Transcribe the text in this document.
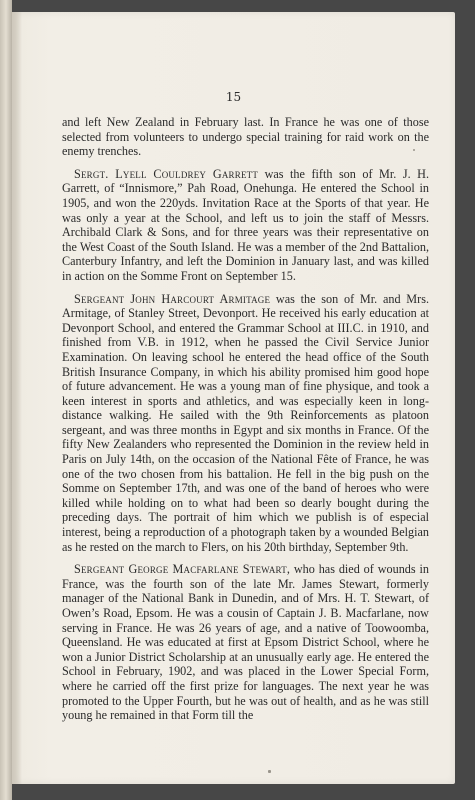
15

and left New Zealand in February last. In France he was one of those selected from volunteers to undergo special training for raid work on the enemy trenches.

Sergt. Lyell Couldrey Garrett was the fifth son of Mr. J. H. Garrett, of “Innismore,” Pah Road, Onehunga. He entered the School in 1905, and won the 220yds. Invitation Race at the Sports of that year. He was only a year at the School, and left us to join the staff of Messrs. Archibald Clark & Sons, and for three years was their representative on the West Coast of the South Island. He was a member of the 2nd Battalion, Canterbury Infantry, and left the Dominion in January last, and was killed in action on the Somme Front on September 15.

Sergeant John Harcourt Armitage was the son of Mr. and Mrs. Armitage, of Stanley Street, Devonport. He received his early education at Devonport School, and entered the Grammar School at III.C. in 1910, and finished from V.B. in 1912, when he passed the Civil Service Junior Examination. On leaving school he entered the head office of the South British Insurance Company, in which his ability promised him good hope of future advancement. He was a young man of fine physique, and took a keen interest in sports and athletics, and was especially keen in long-distance walking. He sailed with the 9th Reinforcements as platoon sergeant, and was three months in Egypt and six months in France. Of the fifty New Zealanders who represented the Dominion in the review held in Paris on July 14th, on the occasion of the National Fête of France, he was one of the two chosen from his battalion. He fell in the big push on the Somme on September 17th, and was one of the band of heroes who were killed while holding on to what had been so dearly bought during the preceding days. The portrait of him which we publish is of especial interest, being a reproduction of a photograph taken by a wounded Belgian as he rested on the march to Flers, on his 20th birthday, September 9th.

Sergeant George Macfarlane Stewart, who has died of wounds in France, was the fourth son of the late Mr. James Stewart, formerly manager of the National Bank in Dunedin, and of Mrs. H. T. Stewart, of Owen’s Road, Epsom. He was a cousin of Captain J. B. Macfarlane, now serving in France. He was 26 years of age, and a native of Toowoomba, Queensland. He was educated at first at Epsom District School, where he won a Junior District Scholarship at an unusually early age. He entered the School in February, 1902, and was placed in the Lower Special Form, where he carried off the first prize for languages. The next year he was promoted to the Upper Fourth, but he was out of health, and as he was still young he remained in that Form till the
